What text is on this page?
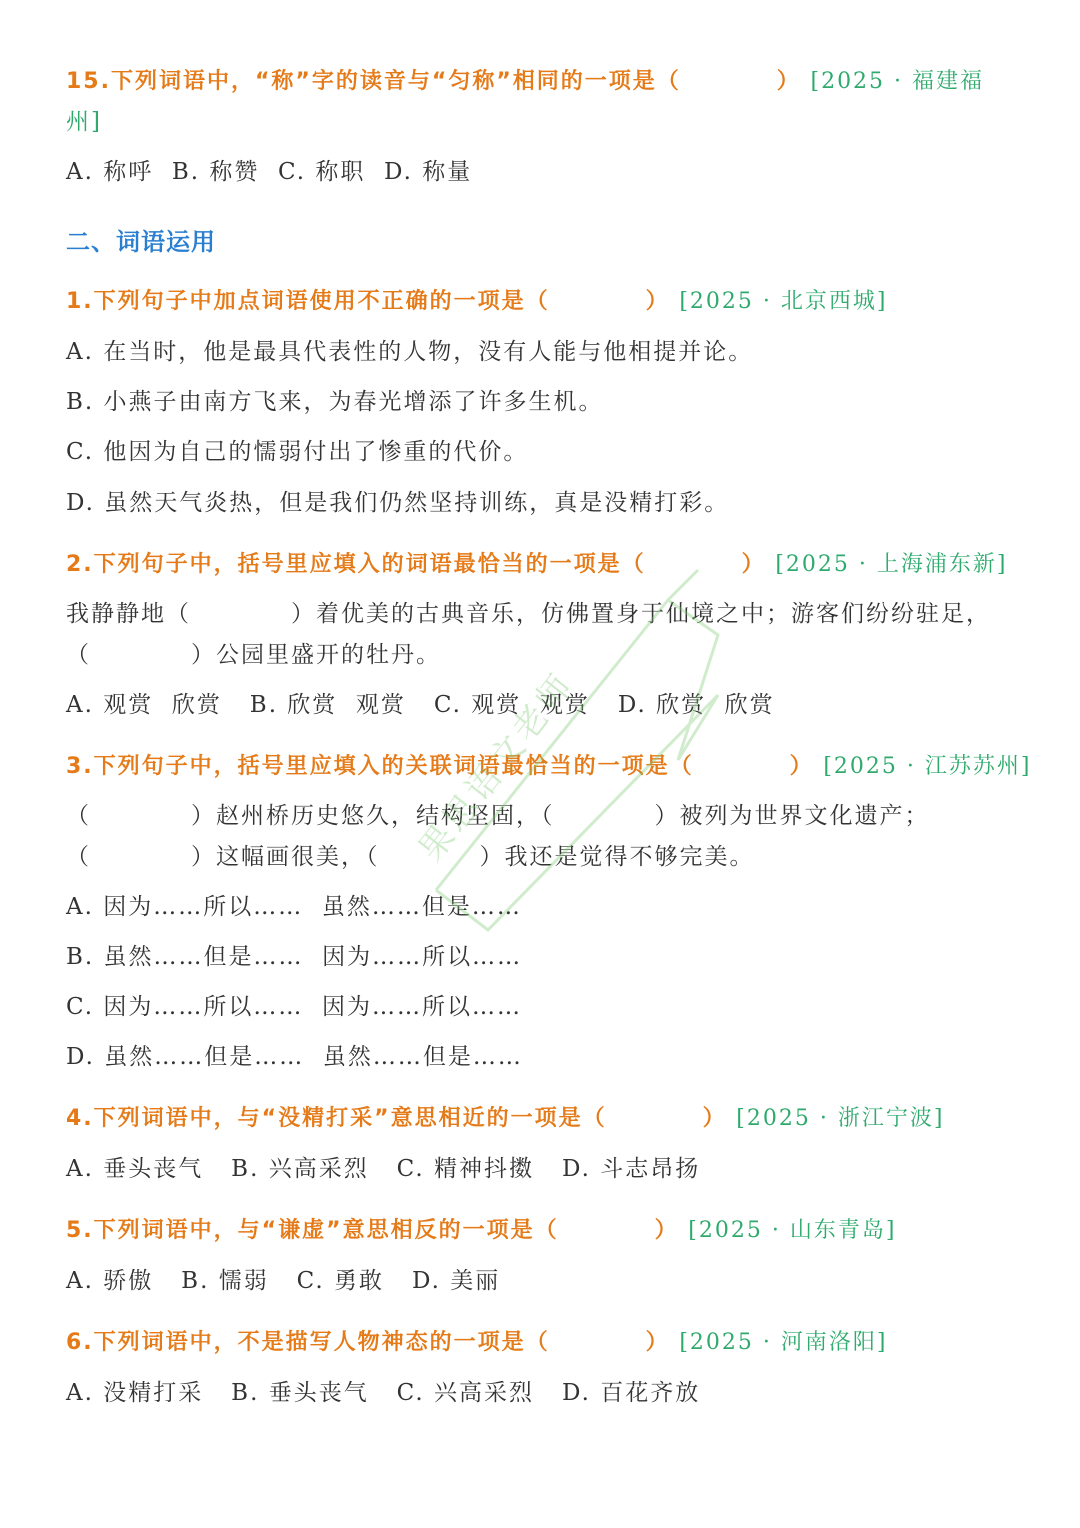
15.下列词语中，“称”字的读音与“匀称”相同的一项是（　　　　） [2025 · 福建福
州]
A. 称呼  B. 称赞  C. 称职  D. 称量
二、词语运用
1.下列句子中加点词语使用不正确的一项是（　　　　） [2025 · 北京西城]
A. 在当时，他是最具代表性的人物，没有人能与他相提并论。
B. 小燕子由南方飞来，为春光增添了许多生机。
C. 他因为自己的懦弱付出了惨重的代价。
D. 虽然天气炎热，但是我们仍然坚持训练，真是没精打彩。
2.下列句子中，括号里应填入的词语最恰当的一项是（　　　　） [2025 · 上海浦东新]
我静静地（　　　　）着优美的古典音乐，仿佛置身于仙境之中；游客们纷纷驻足，
（　　　　）公园里盛开的牡丹。
A. 观赏  欣赏   B. 欣赏  观赏   C. 观赏  观赏   D. 欣赏  欣赏
3.下列句子中，括号里应填入的关联词语最恰当的一项是（　　　　） [2025 · 江苏苏州]
（　　　　）赵州桥历史悠久，结构坚固，（　　　　）被列为世界文化遗产；
（　　　　）这幅画很美，（　　　　）我还是觉得不够完美。
A. 因为……所以……  虽然……但是……
B. 虽然……但是……  因为……所以……
C. 因为……所以……  因为……所以……
D. 虽然……但是……  虽然……但是……
4.下列词语中，与“没精打采”意思相近的一项是（　　　　） [2025 · 浙江宁波]
A. 垂头丧气   B. 兴高采烈   C. 精神抖擞   D. 斗志昂扬
5.下列词语中，与“谦虚”意思相反的一项是（　　　　） [2025 · 山东青岛]
A. 骄傲   B. 懦弱   C. 勇敢   D. 美丽
6.下列词语中，不是描写人物神态的一项是（　　　　） [2025 · 河南洛阳]
A. 没精打采   B. 垂头丧气   C. 兴高采烈   D. 百花齐放
果思语文老师
